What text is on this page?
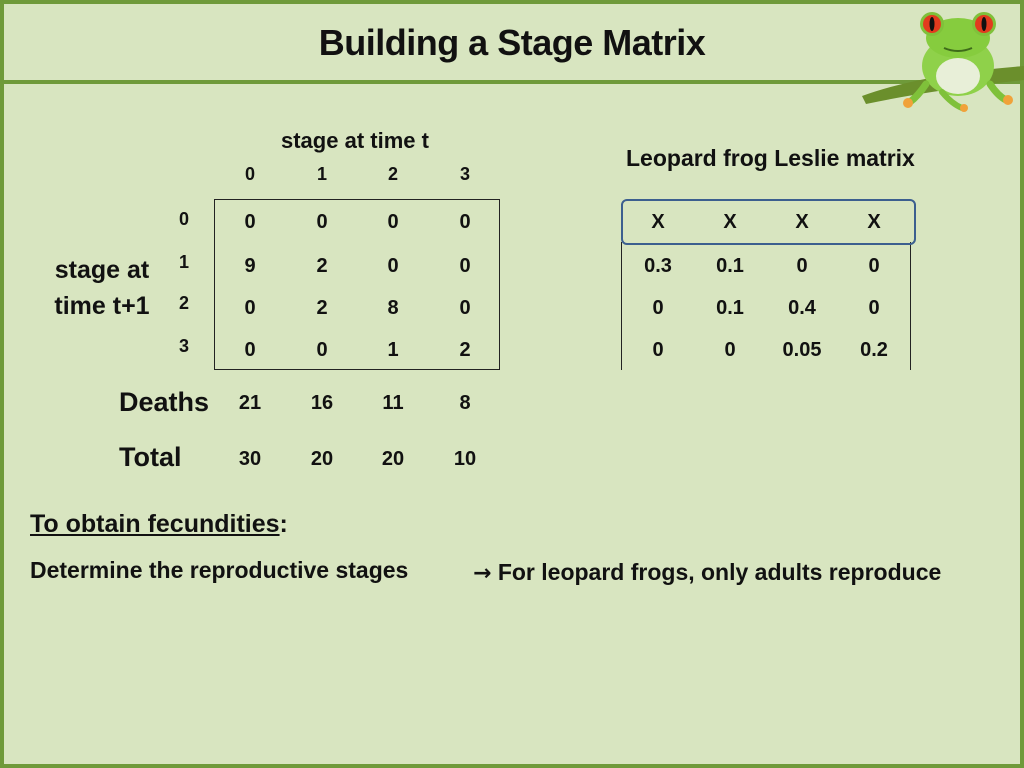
Building a Stage Matrix
stage at time t
0	1	2	3
stage at
time t+1
0
1
2
3
0	0	0	0
9	2	0	0
0	2	8	0
0	0	1	2
Deaths	21	16	11	8
Total	30	20	20	10
Leopard frog Leslie matrix
X	X	X	X
0.3	0.1	0	0
0	0.1	0.4	0
0	0	0.05	0.2
To obtain fecundities:
Determine the reproductive stages	→ For leopard frogs, only adults reproduce
